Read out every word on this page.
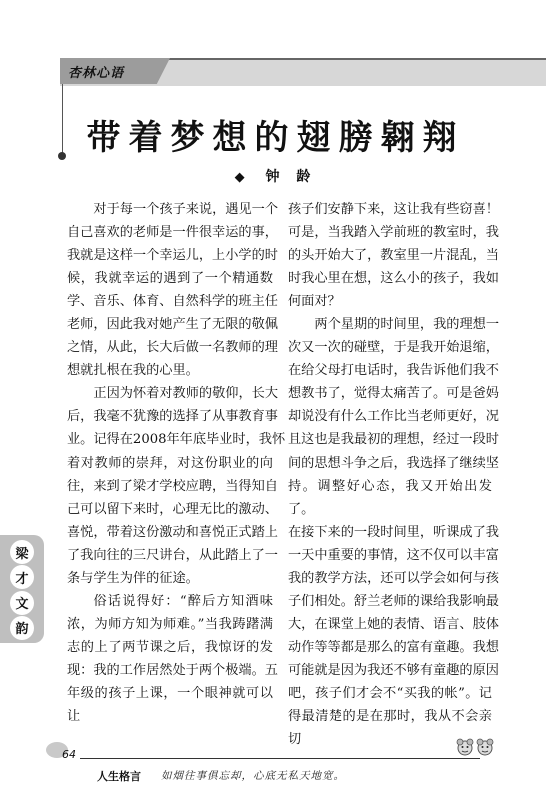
杏林心语
带着梦想的翅膀翱翔
◆ 钟 龄

对于每一个孩子来说，遇见一个
自己喜欢的老师是一件很幸运的事，
我就是这样一个幸运儿，上小学的时
候，我就幸运的遇到了一个精通数
学、音乐、体育、自然科学的班主任
老师，因此我对她产生了无限的敬佩
之情，从此，长大后做一名教师的理
想就扎根在我的心里。

正因为怀着对教师的敬仰，长大
后，我毫不犹豫的选择了从事教育事
业。记得在2008年年底毕业时，我怀
着对教师的崇拜，对这份职业的向
往，来到了梁才学校应聘，当得知自
己可以留下来时，心理无比的激动、
喜悦，带着这份激动和喜悦正式踏上
了我向往的三尺讲台，从此踏上了一
条与学生为伴的征途。

俗话说得好：“醉后方知酒味
浓，为师方知为师难。”当我踌躇满
志的上了两节课之后，我惊讶的发
现：我的工作居然处于两个极端。五
年级的孩子上课，一个眼神就可以让

孩子们安静下来，这让我有些窃喜！
可是，当我踏入学前班的教室时，我
的头开始大了，教室里一片混乱，当
时我心里在想，这么小的孩子，我如
何面对？

两个星期的时间里，我的理想一
次又一次的碰壁，于是我开始退缩，
在给父母打电话时，我告诉他们我不
想教书了，觉得太痛苦了。可是爸妈
却说没有什么工作比当老师更好，况
且这也是我最初的理想，经过一段时
间的思想斗争之后，我选择了继续坚
持。调整好心态，我又开始出发了。

在接下来的一段时间里，听课成了我
一天中重要的事情，这不仅可以丰富
我的教学方法，还可以学会如何与孩
子们相处。舒兰老师的课给我影响最
大，在课堂上她的表情、语言、肢体
动作等等都是那么的富有童趣。我想
可能就是因为我还不够有童趣的原因
吧，孩子们才会不“买我的帐”。记
得最清楚的是在那时，我从不会亲切

梁
才
文
韵
64
人生格言 如烟往事俱忘却，心底无私天地宽。
